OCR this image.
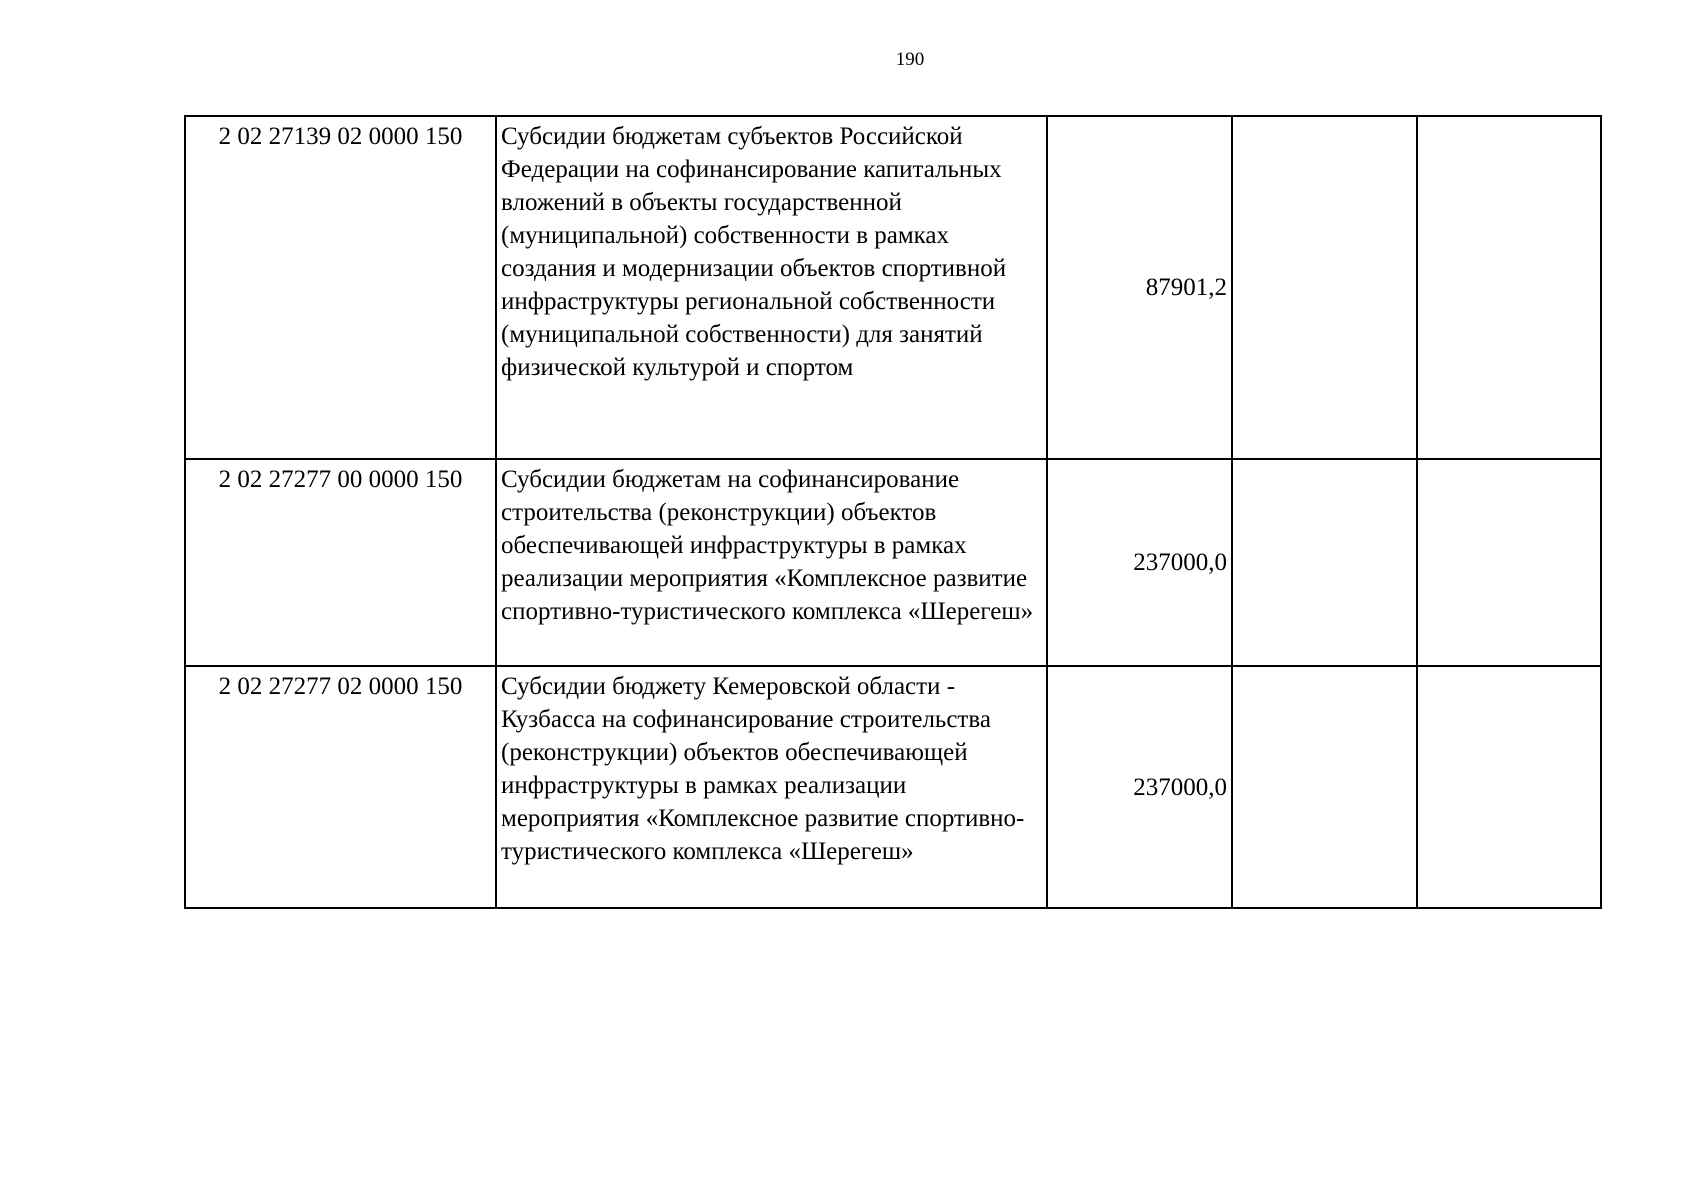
190
2 02 27139 02 0000 150	Субсидии бюджетам субъектов Российской Федерации на софинансирование капитальных вложений в объекты государственной (муниципальной) собственности в рамках создания и модернизации объектов спортивной инфраструктуры региональной собственности (муниципальной собственности) для занятий физической культурой и спортом	87901,2		
2 02 27277 00 0000 150	Субсидии бюджетам на софинансирование строительства (реконструкции) объектов обеспечивающей инфраструктуры в рамках реализации мероприятия «Комплексное развитие спортивно-туристического комплекса «Шерегеш»	237000,0		
2 02 27277 02 0000 150	Субсидии бюджету Кемеровской области - Кузбасса на софинансирование строительства (реконструкции) объектов обеспечивающей инфраструктуры в рамках реализации мероприятия «Комплексное развитие спортивно-туристического комплекса «Шерегеш»	237000,0		
